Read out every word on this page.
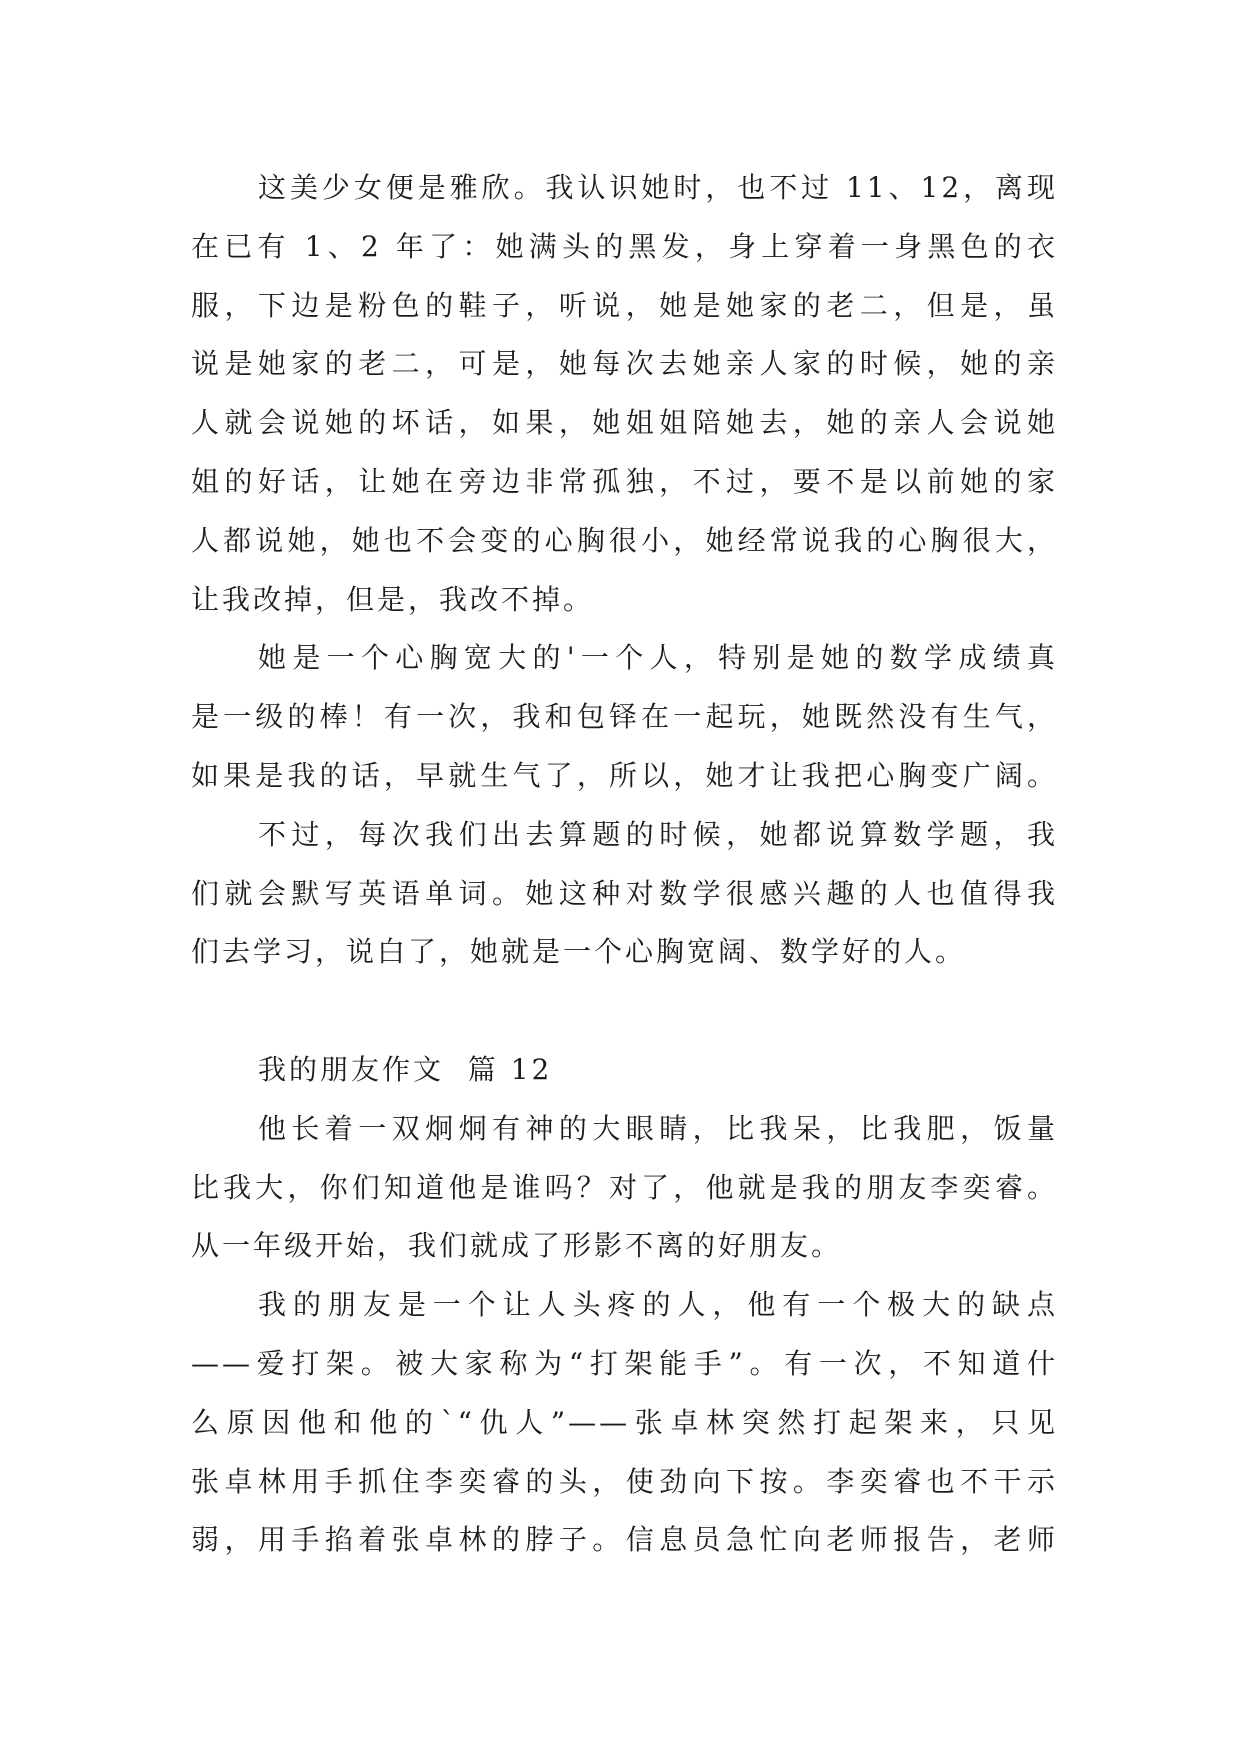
这美少女便是雅欣。我认识她时，也不过 11、12，离现
在已有 1、2 年了：她满头的黑发，身上穿着一身黑色的衣
服，下边是粉色的鞋子，听说，她是她家的老二，但是，虽
说是她家的老二，可是，她每次去她亲人家的时候，她的亲
人就会说她的坏话，如果，她姐姐陪她去，她的亲人会说她
姐的好话，让她在旁边非常孤独，不过，要不是以前她的家
人都说她，她也不会变的心胸很小，她经常说我的心胸很大，
让我改掉，但是，我改不掉。
她是一个心胸宽大的'一个人，特别是她的数学成绩真
是一级的棒！有一次，我和包铎在一起玩，她既然没有生气，
如果是我的话，早就生气了，所以，她才让我把心胸变广阔。
不过，每次我们出去算题的时候，她都说算数学题，我
们就会默写英语单词。她这种对数学很感兴趣的人也值得我
们去学习，说白了，她就是一个心胸宽阔、数学好的人。
我的朋友作文  篇 12
他长着一双炯炯有神的大眼睛，比我呆，比我肥，饭量
比我大，你们知道他是谁吗？对了，他就是我的朋友李奕睿。
从一年级开始，我们就成了形影不离的好朋友。
我的朋友是一个让人头疼的人，他有一个极大的缺点
——爱打架。被大家称为“打架能手”。有一次，不知道什
么原因他和他的`“仇人”——张卓林突然打起架来，只见
张卓林用手抓住李奕睿的头，使劲向下按。李奕睿也不干示
弱，用手掐着张卓林的脖子。信息员急忙向老师报告，老师
